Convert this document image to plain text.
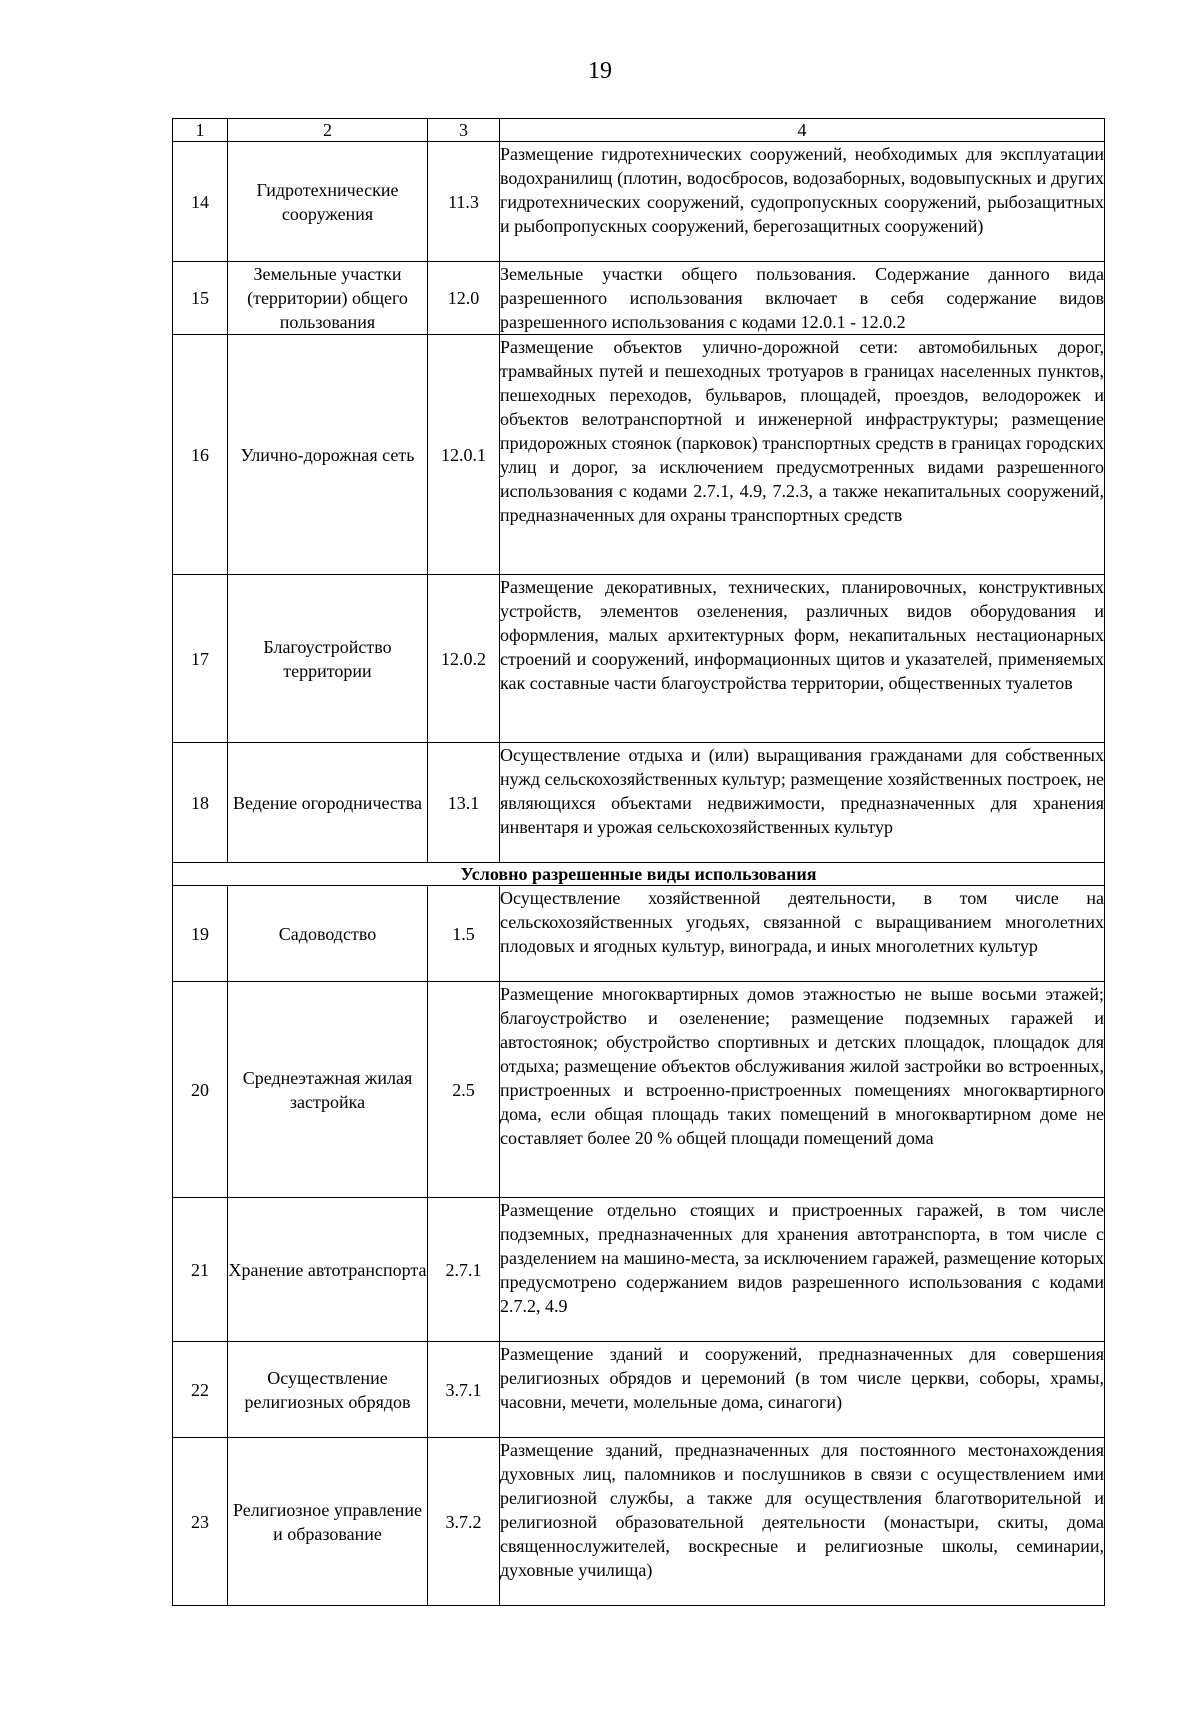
19
1	2	3	4
14	Гидротехнические сооружения	11.3	Размещение гидротехнических сооружений, необходимых для эксплуатации водохранилищ (плотин, водосбросов, водозаборных, водовыпускных и других гидротехнических сооружений, судопропускных сооружений, рыбозащитных и рыбопропускных сооружений, берегозащитных сооружений)
15	Земельные участки (территории) общего пользования	12.0	Земельные участки общего пользования. Содержание данного вида разрешенного использования включает в себя содержание видов разрешенного использования с кодами 12.0.1 - 12.0.2
16	Улично-дорожная сеть	12.0.1	Размещение объектов улично-дорожной сети: автомобильных дорог, трамвайных путей и пешеходных тротуаров в границах населенных пунктов, пешеходных переходов, бульваров, площадей, проездов, велодорожек и объектов велотранспортной и инженерной инфраструктуры; размещение придорожных стоянок (парковок) транспортных средств в границах городских улиц и дорог, за исключением предусмотренных видами разрешенного использования с кодами 2.7.1, 4.9, 7.2.3, а также некапитальных сооружений, предназначенных для охраны транспортных средств
17	Благоустройство территории	12.0.2	Размещение декоративных, технических, планировочных, конструктивных устройств, элементов озеленения, различных видов оборудования и оформления, малых архитектурных форм, некапитальных нестационарных строений и сооружений, информационных щитов и указателей, применяемых как составные части благоустройства территории, общественных туалетов
18	Ведение огородничества	13.1	Осуществление отдыха и (или) выращивания гражданами для собственных нужд сельскохозяйственных культур; размещение хозяйственных построек, не являющихся объектами недвижимости, предназначенных для хранения инвентаря и урожая сельскохозяйственных культур
Условно разрешенные виды использования			
19	Садоводство	1.5	Осуществление хозяйственной деятельности, в том числе на сельскохозяйственных угодьях, связанной с выращиванием многолетних плодовых и ягодных культур, винограда, и иных многолетних культур
20	Среднеэтажная жилая застройка	2.5	Размещение многоквартирных домов этажностью не выше восьми этажей; благоустройство и озеленение; размещение подземных гаражей и автостоянок; обустройство спортивных и детских площадок, площадок для отдыха; размещение объектов обслуживания жилой застройки во встроенных, пристроенных и встроенно-пристроенных помещениях многоквартирного дома, если общая площадь таких помещений в многоквартирном доме не составляет более 20 % общей площади помещений дома
21	Хранение автотранспорта	2.7.1	Размещение отдельно стоящих и пристроенных гаражей, в том числе подземных, предназначенных для хранения автотранспорта, в том числе с разделением на машино-места, за исключением гаражей, размещение которых предусмотрено содержанием видов разрешенного использования с кодами 2.7.2, 4.9
22	Осуществление религиозных обрядов	3.7.1	Размещение зданий и сооружений, предназначенных для совершения религиозных обрядов и церемоний (в том числе церкви, соборы, храмы, часовни, мечети, молельные дома, синагоги)
23	Религиозное управление и образование	3.7.2	Размещение зданий, предназначенных для постоянного местонахождения духовных лиц, паломников и послушников в связи с осуществлением ими религиозной службы, а также для осуществления благотворительной и религиозной образовательной деятельности (монастыри, скиты, дома священнослужителей, воскресные и религиозные школы, семинарии, духовные училища)
